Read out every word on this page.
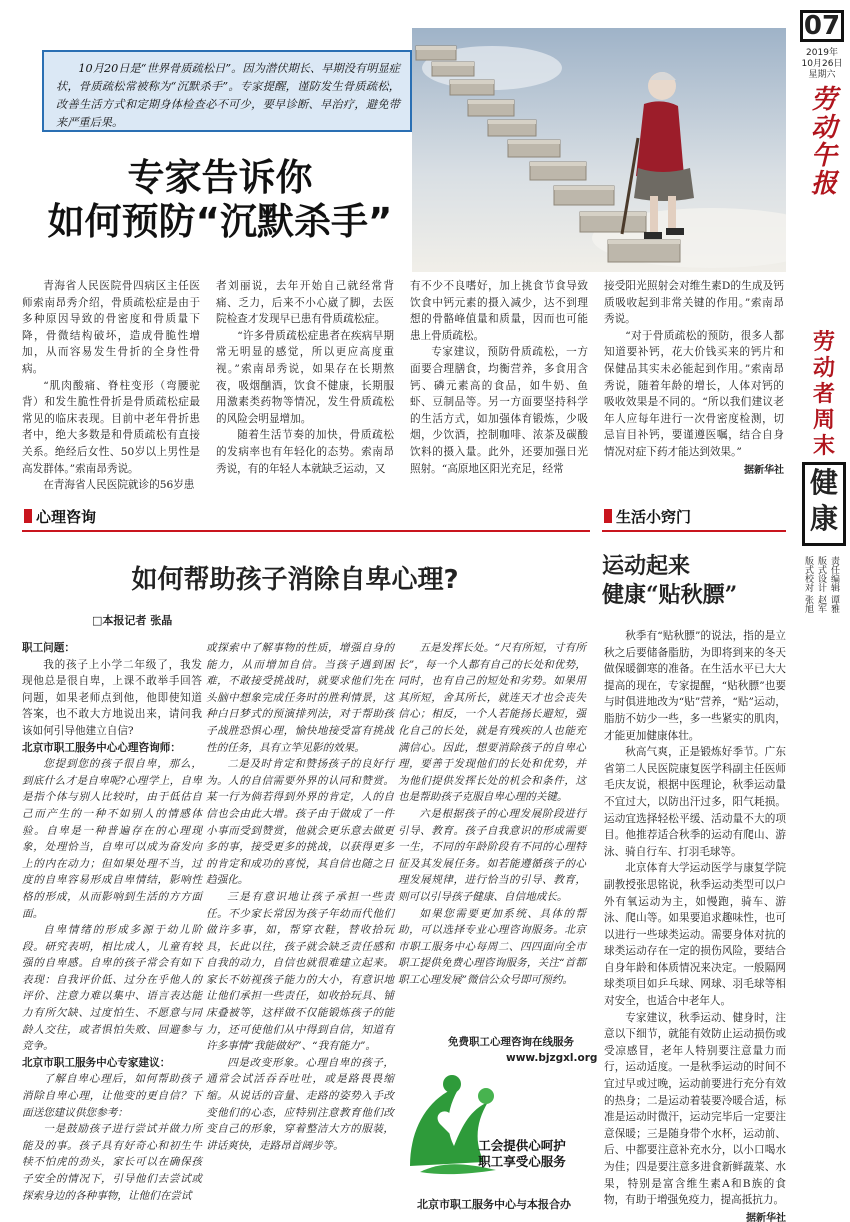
07
2019年
10月26日
星期六
劳
动
午
报
劳
动
者
周
末
健
康
责任编辑 谭雅
版式设计 赵军
版式校对 张旭

10月20日是“世界骨质疏松日”。因为潜伏期长、早期没有明显症状，骨质疏松常被称为“沉默杀手”。专家提醒，谨防发生骨质疏松，改善生活方式和定期身体检查必不可少，要早诊断、早治疗，避免带来严重后果。

专家告诉你
如何预防“沉默杀手”

青海省人民医院骨四病区主任医师索南昂秀介绍，骨质疏松症是由于多种原因导致的骨密度和骨质量下降，骨微结构破坏，造成骨脆性增加，从而容易发生骨折的全身性骨病。

“肌肉酸痛、脊柱变形（弯腰驼背）和发生脆性骨折是骨质疏松症最常见的临床表现。目前中老年骨折患者中，绝大多数是和骨质疏松有直接关系。绝经后女性、50岁以上男性是高发群体。”索南昂秀说。

在青海省人民医院就诊的56岁患

者刘丽说，去年开始自己就经常背痛、乏力，后来不小心崴了脚，去医院检查才发现早已患有骨质疏松症。

“许多骨质疏松症患者在疾病早期常无明显的感觉，所以更应高度重视。”索南昂秀说，如果存在长期熬夜，吸烟酗酒，饮食不健康，长期服用激素类药物等情况，发生骨质疏松的风险会明显增加。

随着生活节奏的加快，骨质疏松的发病率也有年轻化的态势。索南昂秀说，有的年轻人本就缺乏运动，又

有不少不良嗜好，加上挑食节食导致饮食中钙元素的摄入减少，达不到理想的骨骼峰值量和质量，因而也可能患上骨质疏松。

专家建议，预防骨质疏松，一方面要合理膳食，均衡营养，多食用含钙、磷元素高的食品，如牛奶、鱼虾、豆制品等。另一方面要坚持科学的生活方式，如加强体育锻炼，少吸烟，少饮酒，控制咖啡、浓茶及碳酸饮料的摄入量。此外，还要加强日光照射。“高原地区阳光充足，经常

接受阳光照射会对维生素D的生成及钙质吸收起到非常关键的作用。”索南昂秀说。

“对于骨质疏松的预防，很多人都知道要补钙，花大价钱买来的钙片和保健品其实未必能起到作用。”索南昂秀说，随着年龄的增长，人体对钙的吸收效果是不同的。“所以我们建议老年人应每年进行一次骨密度检测，切忌盲目补钙，要谨遵医嘱，结合自身情况对症下药才能达到效果。”

据新华社
心理咨询
如何帮助孩子消除自卑心理?
□本报记者 张晶

职工问题：

我的孩子上小学二年级了，我发现他总是很自卑，上课不敢举手回答问题，如果老师点到他，他即使知道答案，也不敢大方地说出来，请问我该如何引导他建立自信?

北京市职工服务中心心理咨询师：

您提到您的孩子很自卑，那么，到底什么才是自卑呢?心理学上，自卑是指个体与别人比较时，由于低估自己而产生的一种不如别人的情感体验。自卑是一种普遍存在的心理现象，处理恰当，自卑可以成为奋发向上的内在动力；但如果处理不当，过度的自卑容易形成自卑情结，影响性格的形成，从而影响到生活的方方面面。

自卑情绪的形成多源于幼儿阶段。研究表明，相比成人，儿童有较强的自卑感。自卑的孩子常会有如下表现：自我评价低、过分在乎他人的评价、注意力难以集中、语言表达能力有所欠缺、过度怕生、不愿意与同龄人交往，或者惧怕失败、回避参与竞争。

北京市职工服务中心专家建议：

了解自卑心理后，如何帮助孩子消除自卑心理，让他变的更自信？下面送您建议供您参考：

一是鼓励孩子进行尝试并做力所能及的事。孩子具有好奇心和初生牛犊不怕虎的劲头，家长可以在确保孩子安全的情况下，引导他们去尝试或探索身边的各种事物，让他们在尝试

或探索中了解事物的性质，增强自身的能力，从而增加自信。当孩子遇到困难，不敢接受挑战时，就要求他们先在头脑中想象完成任务时的胜利情景，这种白日梦式的预演排列法，对于帮助孩子战胜恐惧心理，愉快地接受富有挑战性的任务，具有立竿见影的效果。

二是及时肯定和赞扬孩子的良好行为。人的自信需要外界的认同和赞赏。某一行为倘若得到外界的肯定，人的自信也会由此大增。孩子由于做成了一件小事而受到赞赏，他就会更乐意去做更多的事，接受更多的挑战，以获得更多的肯定和成功的喜悦，其自信也随之日趋强化。

三是有意识地让孩子承担一些责任。不少家长常因为孩子年幼而代他们做许多事，如，帮穿衣鞋，替收拾玩具，长此以往，孩子就会缺乏责任感和自我的动力，自信也就很难建立起来。家长不妨视孩子能力的大小，有意识地让他们承担一些责任，如收拾玩具、铺床叠被等，这样做不仅能锻炼孩子的能力，还可使他们从中得到自信，知道有许多事情“我能做好”、“我有能力”。

四是改变形象。心理自卑的孩子，通常会试活吞吞吐吐，或是路畏畏缩缩。从说话的音量、走路的姿势入手改变他们的心态，应特别注意教育他们改变自己的形象，穿着整洁大方的服装，讲话爽快，走路昂首阔步等。

五是发挥长处。“尺有所短，寸有所长”，每一个人都有自己的长处和优势，同时，也有自己的短处和劣势。如果用其所短，舍其所长，就连天才也会丧失信心；相反，一个人若能扬长避短，强化自己的长处，就是有残疾的人也能充满信心。因此，想要消除孩子的自卑心理，要善于发现他们的长处和优势，并为他们提供发挥长处的机会和条件，这也是帮助孩子克服自卑心理的关键。

六是根据孩子的心理发展阶段进行引导、教育。孩子自我意识的形成需要一生，不同的年龄阶段有不同的心理特征及其发展任务。如若能遵循孩子的心理发展规律，进行恰当的引导、教育，则可以引导孩子健康、自信地成长。

如果您需要更加系统、具体的帮助，可以选择专业心理咨询服务。北京市职工服务中心每周二、四四面向全市职工提供免费心理咨询服务，关注“首都职工心理发展”微信公众号即可预约。

免费职工心理咨询在线服务
www.bjzgxl.org
工会提供心呵护
职工享受心服务
北京市职工服务中心与本报合办
生活小窍门
运动起来
健康“贴秋膘”

秋季有“贴秋膘”的说法，指的是立秋之后要储备脂肪，为即将到来的冬天做保暖御寒的准备。在生活水平已大大提高的现在，专家提醒，“贴秋膘”也要与时俱进地改为“贴”营养，“贴”运动，脂肪不妨少一些，多一些紧实的肌肉，才能更加健康体壮。

秋高气爽，正是锻炼好季节。广东省第二人民医院康复医学科副主任医师毛庆友说，根据中医理论，秋季运动量不宜过大，以防出汗过多，阳气耗损。运动宜选择轻松平缓、活动量不大的项目。他推荐适合秋季的运动有爬山、游泳、骑自行车、打羽毛球等。

北京体育大学运动医学与康复学院副教授张思铭说，秋季运动类型可以户外有氧运动为主，如慢跑，骑车、游泳、爬山等。如果要追求趣味性，也可以进行一些球类运动。需要身体对抗的球类运动存在一定的损伤风险，要结合自身年龄和体质情况来决定。一般隔网球类项目如乒乓球、网球、羽毛球等相对安全，也适合中老年人。

专家建议，秋季运动、健身时，注意以下细节，就能有效防止运动损伤或受凉感冒，老年人特别要注意量力而行，运动适度。一是秋季运动的时间不宜过早或过晚，运动前要进行充分有效的热身；二是运动着装要冷暖合适，标准是运动时微汗，运动完毕后一定要注意保暖；三是随身带个水杯，运动前、后、中都要注意补充水分，以小口喝水为佳；四是要注意多进食新鲜蔬菜、水果，特别是富含维生素A和B族的食物，有助于增强免疫力，提高抵抗力。

据新华社
